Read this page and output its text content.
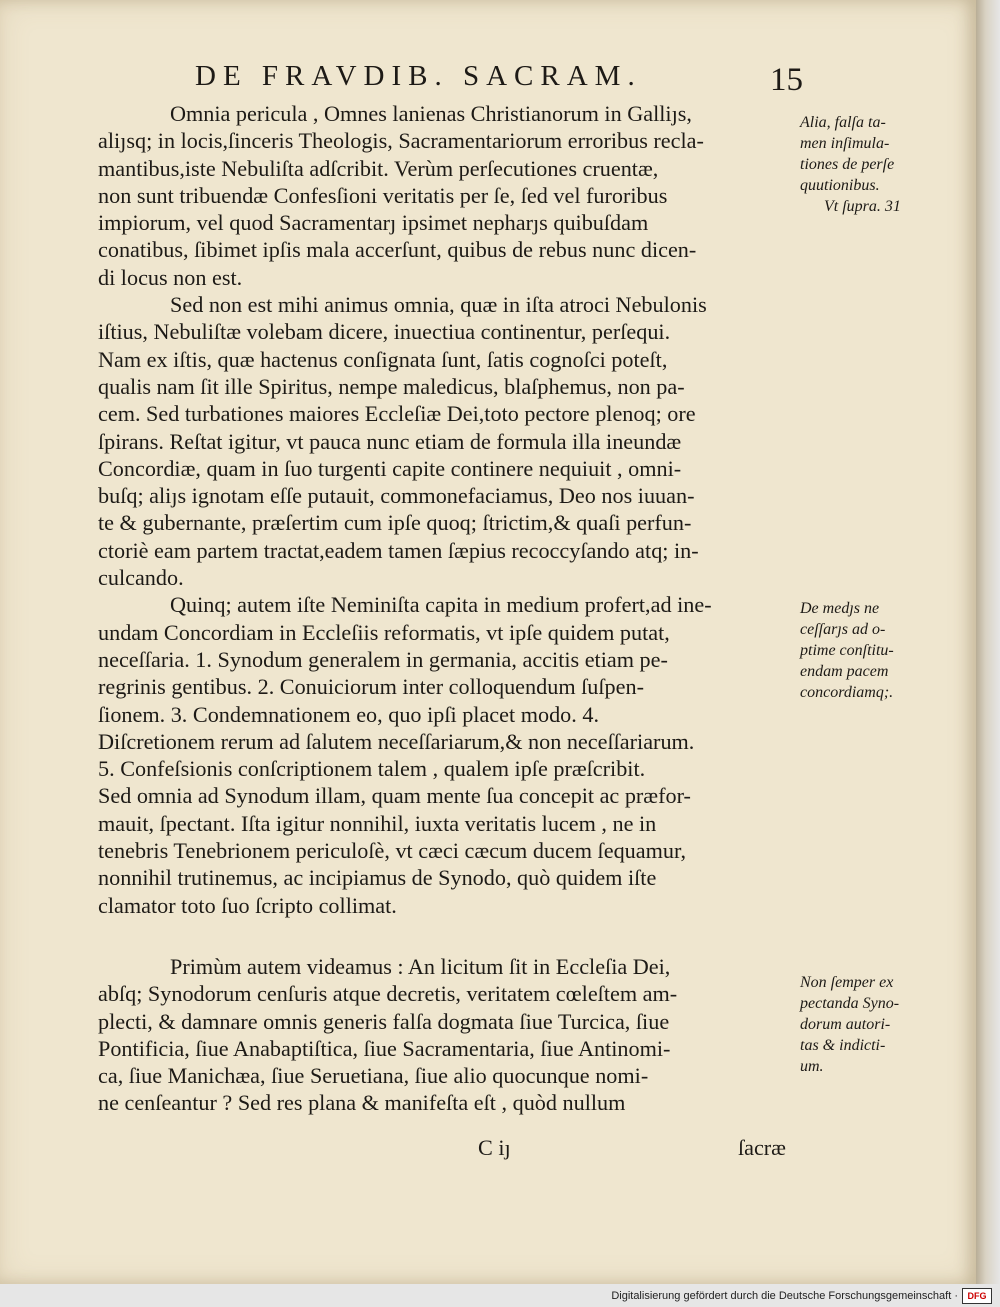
DE FRAVDIB. SACRAM.	15
Omnia pericula , Omnes lanienas Christianorum in Galliȷs,
aliȷsq; in locis,ſinceris Theologis, Sacramentariorum erroribus recla-
mantibus,iste Nebuliſta adſcribit. Verùm perſecutiones cruentæ,
non sunt tribuendæ Confesſioni veritatis per ſe, ſed vel furoribus
impiorum, vel quod Sacramentarȷ ipsimet nepharȷs quibuſdam
conatibus, ſibimet ipſis mala accerſunt, quibus de rebus nunc dicen-
di locus non est.
Sed non est mihi animus omnia, quæ in iſta atroci Nebulonis
iſtius, Nebuliſtæ volebam dicere, inuectiua continentur, perſequi.
Nam ex iſtis, quæ hactenus conſignata ſunt, ſatis cognoſci poteſt,
qualis nam ſit ille Spiritus, nempe maledicus, blaſphemus, non pa-
cem. Sed turbationes maiores Eccleſiæ Dei,toto pectore plenoq; ore
ſpirans. Reſtat igitur, vt pauca nunc etiam de formula illa ineundæ
Concordiæ, quam in ſuo turgenti capite continere nequiuit , omni-
buſq; aliȷs ignotam eſſe putauit, commonefaciamus, Deo nos iuuan-
te & gubernante, præſertim cum ipſe quoq; ſtrictim,& quaſi perfun-
ctoriè eam partem tractat,eadem tamen ſæpius recoccyſando atq; in-
culcando.
Quinq; autem iſte Neminiſta capita in medium profert,ad ine-
undam Concordiam in Eccleſiis reformatis, vt ipſe quidem putat,
neceſſaria. 1. Synodum generalem in germania, accitis etiam pe-
regrinis gentibus. 2. Conuiciorum inter colloquendum ſuſpen-
ſionem. 3. Condemnationem eo, quo ipſi placet modo. 4.
Diſcretionem rerum ad ſalutem neceſſariarum,& non neceſſariarum.
5. Confeſsionis conſcriptionem talem , qualem ipſe præſcribit.
Sed omnia ad Synodum illam, quam mente ſua concepit ac præfor-
mauit, ſpectant. Iſta igitur nonnihil, iuxta veritatis lucem , ne in
tenebris Tenebrionem periculoſè, vt cæci cæcum ducem ſequamur,
nonnihil trutinemus, ac incipiamus de Synodo, quò quidem iſte
clamator toto ſuo ſcripto collimat.
Primùm autem videamus : An licitum ſit in Eccleſia Dei,
abſq; Synodorum cenſuris atque decretis, veritatem cœleſtem am-
plecti, & damnare omnis generis falſa dogmata ſiue Turcica, ſiue
Pontificia, ſiue Anabaptiſtica, ſiue Sacramentaria, ſiue Antinomi-
ca, ſiue Manichæa, ſiue Seruetiana, ſiue alio quocunque nomi-
ne cenſeantur ? Sed res plana & manifeſta eſt , quòd nullum
C iȷ	ſacræ
Alia, falſa ta-
men inſimula-
tiones de perſe
quutionibus.
Vt ſupra. 31
De medȷs ne
ceſſarȷs ad o-
ptime conſtitu-
endam pacem
concordiamq;.
Non ſemper ex
pectanda Syno-
dorum autori-
tas & indicti-
um.
Digitalisierung gefördert durch die Deutsche Forschungsgemeinschaft ·	DFG
